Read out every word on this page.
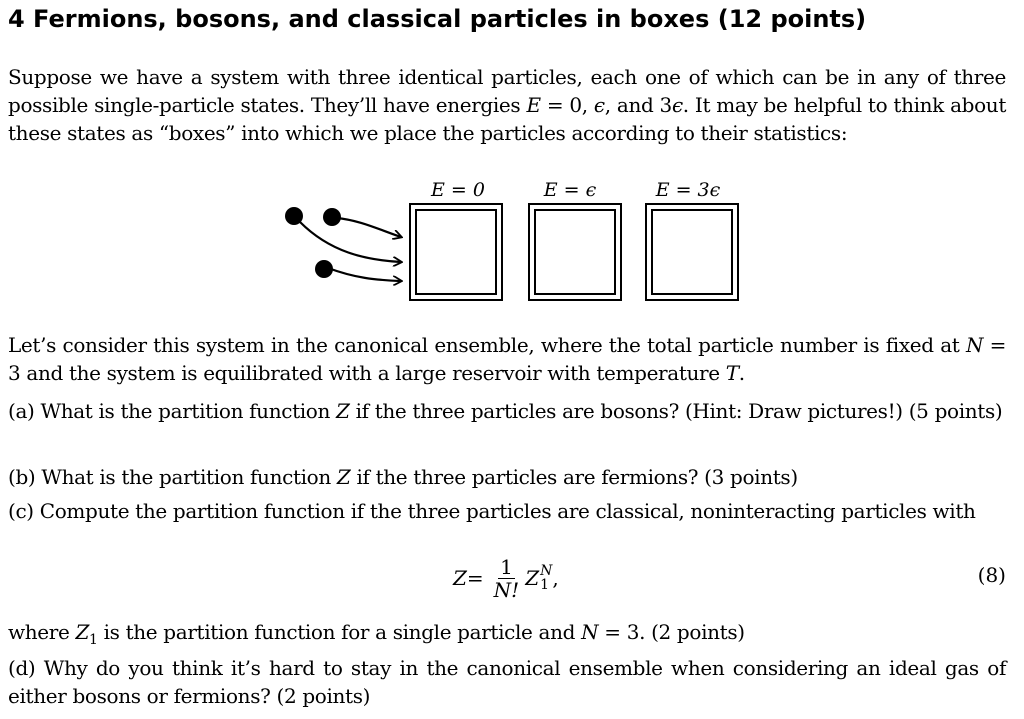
4 Fermions, bosons, and classical particles in boxes (12 points)

Suppose we have a system with three identical particles, each one of which can be in any of three possible single-particle states. They’ll have energies E = 0, ϵ, and 3ϵ. It may be helpful to think about these states as “boxes” into which we place the particles according to their statistics:

E = 0	E = ϵ	E = 3ϵ

Let’s consider this system in the canonical ensemble, where the total particle number is fixed at N = 3 and the system is equilibrated with a large reservoir with temperature T.

(a) What is the partition function Z if the three particles are bosons? (Hint: Draw pictures!) (5 points)

(b) What is the partition function Z if the three particles are fermions? (3 points)

(c) Compute the partition function if the three particles are classical, noninteracting particles with

$Z = \frac{1}{N!}$ Z N
1 ,	(8)

where $Z_1$ is the partition function for a single particle and N = 3. (2 points)

(d) Why do you think it’s hard to stay in the canonical ensemble when considering an ideal gas of either bosons or fermions? (2 points)
